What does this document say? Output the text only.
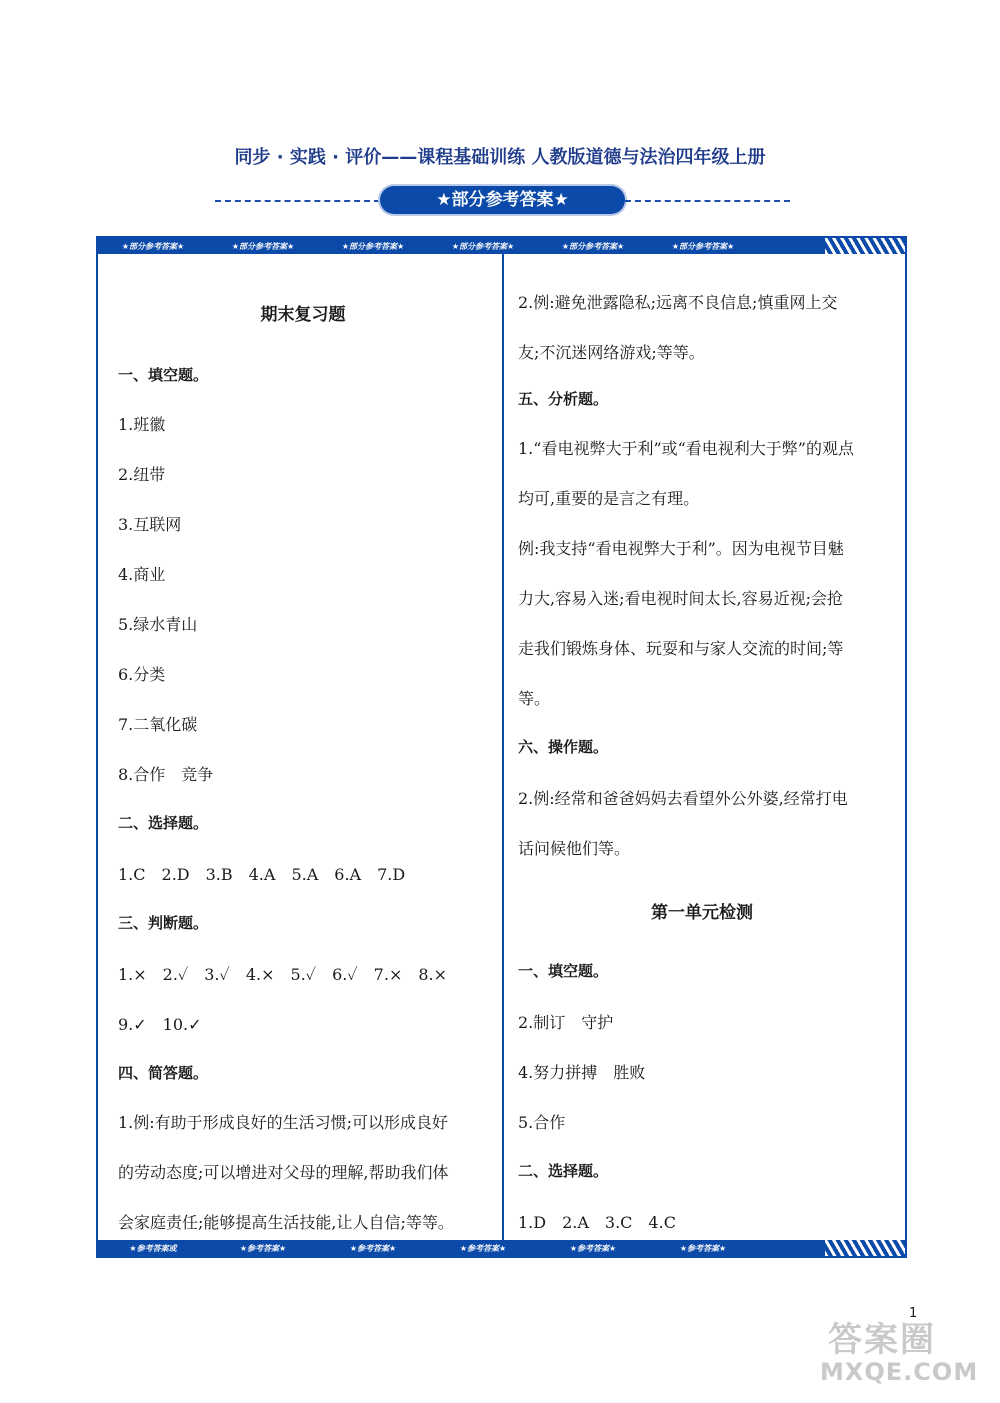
同步 · 实践 · 评价——课程基础训练 人教版道德与法治四年级上册
★部分参考答案★
★部分参考答案★	★部分参考答案★	★部分参考答案★	★部分参考答案★	★部分参考答案★	★部分参考答案★
期末复习题
一、填空题。
1.班徽
2.纽带
3.互联网
4.商业
5.绿水青山
6.分类
7.二氧化碳
8.合作　竞争
二、选择题。
1.C　2.D　3.B　4.A　5.A　6.A　7.D
三、判断题。
1.×　2.✓　3.✓　4.×　5.✓　6.✓　7.×　8.×
9.✓　10.✓
四、简答题。
1.例:有助于形成良好的生活习惯;可以形成良好
的劳动态度;可以增进对父母的理解,帮助我们体
会家庭责任;能够提高生活技能,让人自信;等等。
2.例:避免泄露隐私;远离不良信息;慎重网上交
友;不沉迷网络游戏;等等。
五、分析题。
1.“看电视弊大于利”或“看电视利大于弊”的观点
均可,重要的是言之有理。
例:我支持“看电视弊大于利”。因为电视节目魅
力大,容易入迷;看电视时间太长,容易近视;会抢
走我们锻炼身体、玩耍和与家人交流的时间;等
等。
六、操作题。
2.例:经常和爸爸妈妈去看望外公外婆,经常打电
话问候他们等。
第一单元检测
一、填空题。
2.制订　守护
4.努力拼搏　胜败
5.合作
二、选择题。
1.D　2.A　3.C　4.C
★参考答案或	★参考答案★	★参考答案★	★参考答案★	★参考答案★	★参考答案★
1
答案圈
MXQE.COM
